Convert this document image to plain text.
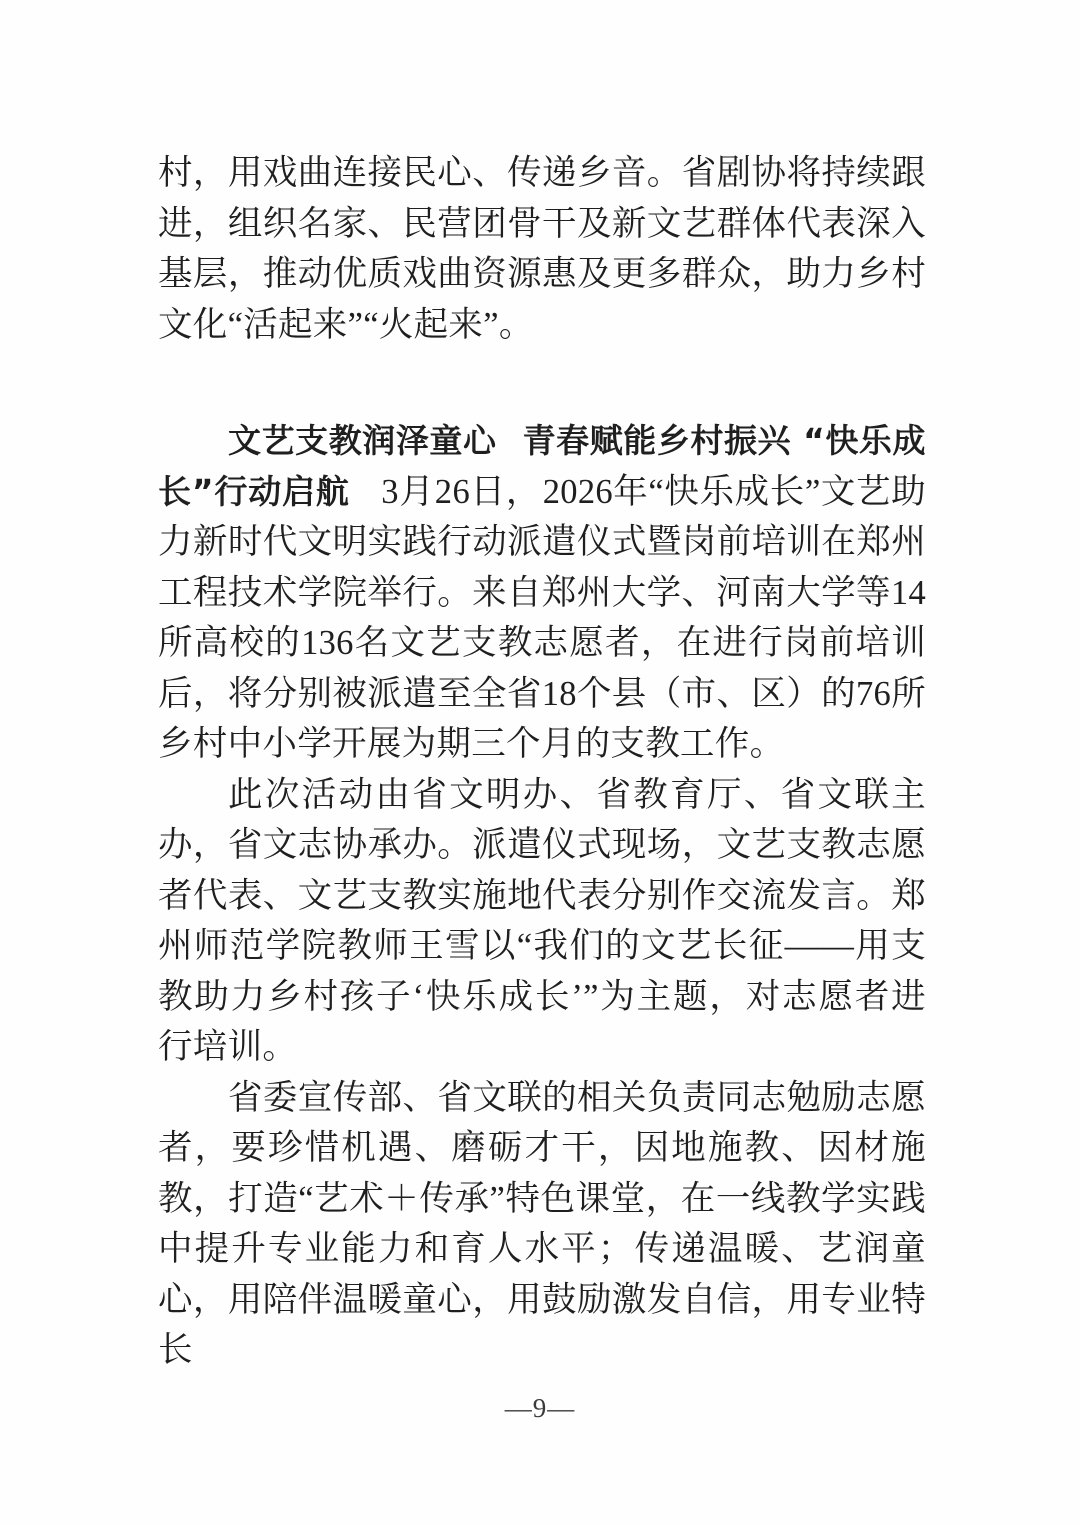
村，用戏曲连接民心、传递乡音。省剧协将持续跟进，组织名家、民营团骨干及新文艺群体代表深入基层，推动优质戏曲资源惠及更多群众，助力乡村文化“活起来”“火起来”。

文艺支教润泽童心 青春赋能乡村振兴 “快乐成长”行动启航 3月26日，2026年“快乐成长”文艺助力新时代文明实践行动派遣仪式暨岗前培训在郑州工程技术学院举行。来自郑州大学、河南大学等14所高校的136名文艺支教志愿者，在进行岗前培训后，将分别被派遣至全省18个县（市、区）的76所乡村中小学开展为期三个月的支教工作。

此次活动由省文明办、省教育厅、省文联主办，省文志协承办。派遣仪式现场，文艺支教志愿者代表、文艺支教实施地代表分别作交流发言。郑州师范学院教师王雪以“我们的文艺长征——用支教助力乡村孩子‘快乐成长’”为主题，对志愿者进行培训。

省委宣传部、省文联的相关负责同志勉励志愿者，要珍惜机遇、磨砺才干，因地施教、因材施教，打造“艺术＋传承”特色课堂，在一线教学实践中提升专业能力和育人水平；传递温暖、艺润童心，用陪伴温暖童心，用鼓励激发自信，用专业特长

—9—
